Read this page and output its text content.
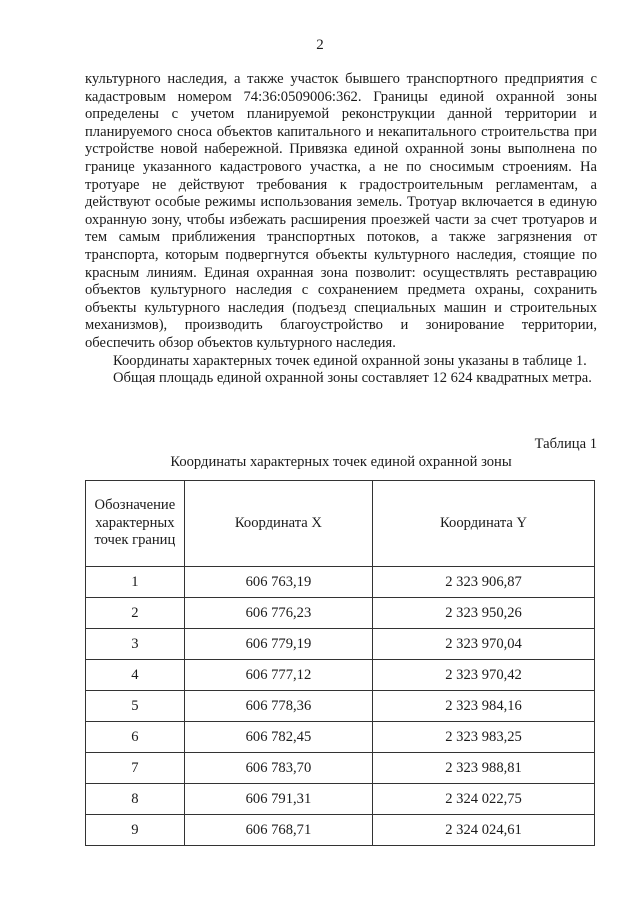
2

культурного наследия, а также участок бывшего транспортного предприятия с кадастровым номером 74:36:0509006:362. Границы единой охранной зоны определены с учетом планируемой реконструкции данной территории и планируемого сноса объектов капитального и некапитального строительства при устройстве новой набережной. Привязка единой охранной зоны выполнена по границе указанного кадастрового участка, а не по сносимым строениям. На тротуаре не действуют требования к градостроительным регламентам, а действуют особые режимы использования земель. Тротуар включается в единую охранную зону, чтобы избежать расширения проезжей части за счет тротуаров и тем самым приближения транспортных потоков, а также загрязнения от транспорта, которым подвергнутся объекты культурного наследия, стоящие по красным линиям. Единая охранная зона позволит: осуществлять реставрацию объектов культурного наследия с сохранением предмета охраны, сохранить объекты культурного наследия (подъезд специальных машин и строительных механизмов), производить благоустройство и зонирование территории, обеспечить обзор объектов культурного наследия.

Координаты характерных точек единой охранной зоны указаны в таблице 1.

Общая площадь единой охранной зоны составляет 12 624 квадратных метра.

Таблица 1
Координаты характерных точек единой охранной зоны
Обозначение характерных точек границ	Координата X	Координата Y
1	606 763,19	2 323 906,87
2	606 776,23	2 323 950,26
3	606 779,19	2 323 970,04
4	606 777,12	2 323 970,42
5	606 778,36	2 323 984,16
6	606 782,45	2 323 983,25
7	606 783,70	2 323 988,81
8	606 791,31	2 324 022,75
9	606 768,71	2 324 024,61
